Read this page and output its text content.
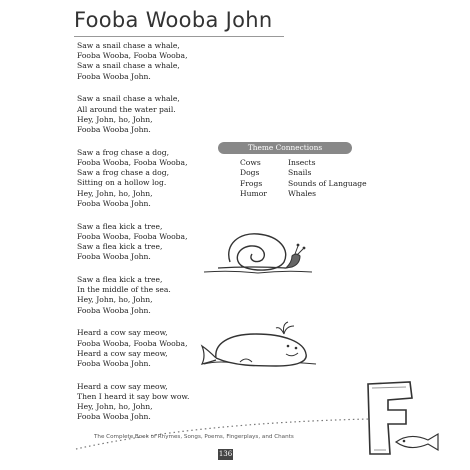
Fooba Wooba John
Saw a snail chase a whale,
Fooba Wooba, Fooba Wooba,
Saw a snail chase a whale,
Fooba Wooba John.
Saw a snail chase a whale,
All around the water pail.
Hey, John, ho, John,
Fooba Wooba John.
Saw a frog chase a dog,
Fooba Wooba, Fooba Wooba,
Saw a frog chase a dog,
Sitting on a hollow log.
Hey, John, ho, John,
Fooba Wooba John.
Saw a flea kick a tree,
Fooba Wooba, Fooba Wooba,
Saw a flea kick a tree,
Fooba Wooba John.
Saw a flea kick a tree,
In the middle of the sea.
Hey, John, ho, John,
Fooba Wooba John.
Heard a cow say meow,
Fooba Wooba, Fooba Wooba,
Heard a cow say meow,
Fooba Wooba John.
Heard a cow say meow,
Then I heard it say bow wow.
Hey, John, ho, John,
Fooba Wooba John.
Theme Connections
Cows
Dogs
Frogs
Humor
Insects
Snails
Sounds of Language
Whales
The Complete Book of Rhymes, Songs, Poems, Fingerplays, and Chants
136
